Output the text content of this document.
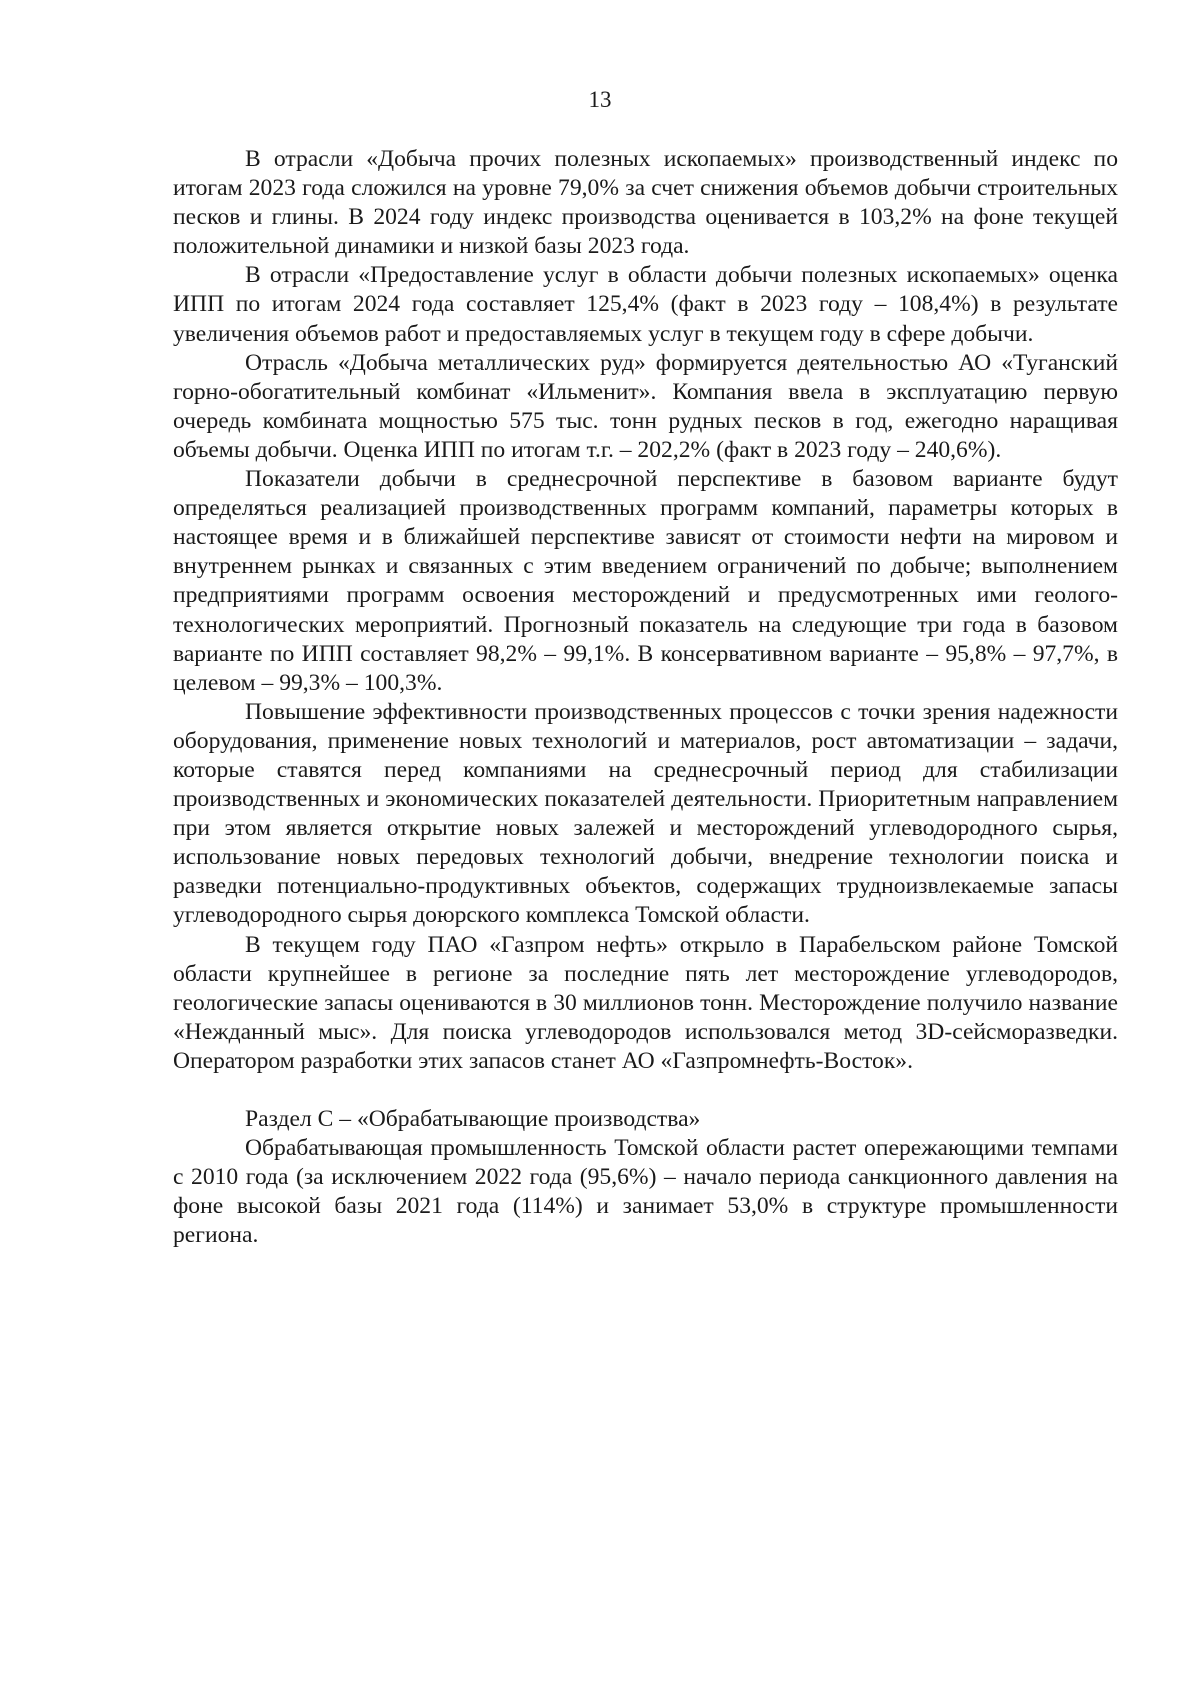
13

В отрасли «Добыча прочих полезных ископаемых» производственный индекс по итогам 2023 года сложился на уровне 79,0% за счет снижения объемов добычи строительных песков и глины. В 2024 году индекс производства оценивается в 103,2% на фоне текущей положительной динамики и низкой базы 2023 года.

В отрасли «Предоставление услуг в области добычи полезных ископаемых» оценка ИПП по итогам 2024 года составляет 125,4% (факт в 2023 году – 108,4%) в результате увеличения объемов работ и предоставляемых услуг в текущем году в сфере добычи.

Отрасль «Добыча металлических руд» формируется деятельностью АО «Туганский горно-обогатительный комбинат «Ильменит». Компания ввела в эксплуатацию первую очередь комбината мощностью 575 тыс. тонн рудных песков в год, ежегодно наращивая объемы добычи. Оценка ИПП по итогам т.г. – 202,2% (факт в 2023 году – 240,6%).

Показатели добычи в среднесрочной перспективе в базовом варианте будут определяться реализацией производственных программ компаний, параметры которых в настоящее время и в ближайшей перспективе зависят от стоимости нефти на мировом и внутреннем рынках и связанных с этим введением ограничений по добыче; выполнением предприятиями программ освоения месторождений и предусмотренных ими геолого-технологических мероприятий. Прогнозный показатель на следующие три года в базовом варианте по ИПП составляет 98,2% – 99,1%. В консервативном варианте – 95,8% – 97,7%, в целевом – 99,3% – 100,3%.

Повышение эффективности производственных процессов с точки зрения надежности оборудования, применение новых технологий и материалов, рост автоматизации – задачи, которые ставятся перед компаниями на среднесрочный период для стабилизации производственных и экономических показателей деятельности. Приоритетным направлением при этом является открытие новых залежей и месторождений углеводородного сырья, использование новых передовых технологий добычи, внедрение технологии поиска и разведки потенциально-продуктивных объектов, содержащих трудноизвлекаемые запасы углеводородного сырья доюрского комплекса Томской области.

В текущем году ПАО «Газпром нефть» открыло в Парабельском районе Томской области крупнейшее в регионе за последние пять лет месторождение углеводородов, геологические запасы оцениваются в 30 миллионов тонн. Месторождение получило название «Нежданный мыс». Для поиска углеводородов использовался метод 3D-сейсморазведки. Оператором разработки этих запасов станет АО «Газпромнефть-Восток».

Раздел С – «Обрабатывающие производства»

Обрабатывающая промышленность Томской области растет опережающими темпами с 2010 года (за исключением 2022 года (95,6%) – начало периода санкционного давления на фоне высокой базы 2021 года (114%) и занимает 53,0% в структуре промышленности региона.
